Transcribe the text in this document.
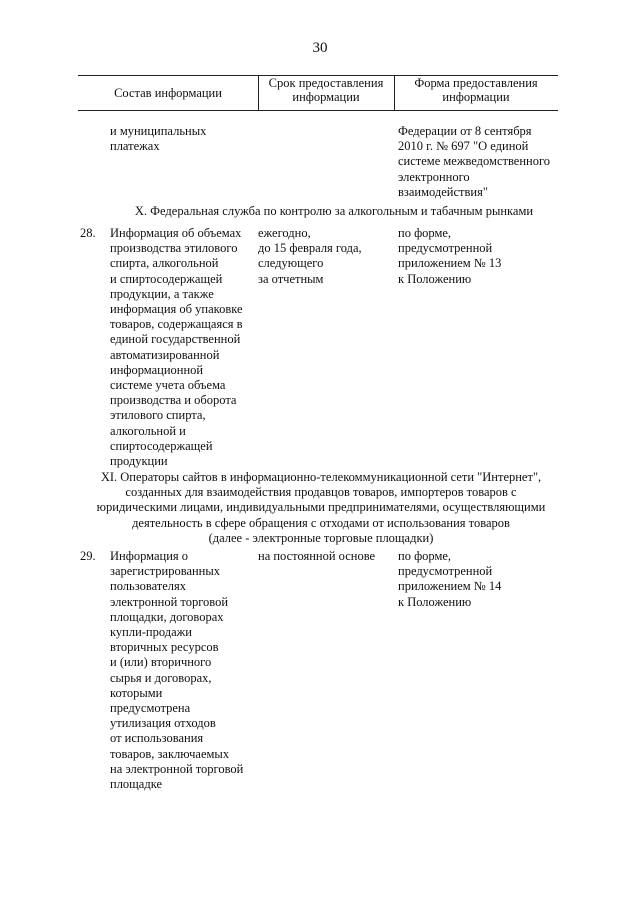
30
Состав информации
Срок предоставления
информации
Форма предоставления
информации
и муниципальных
платежах
Федерации от 8 сентября
2010 г. № 697 "О единой
системе межведомственного
электронного
взаимодействия"
X. Федеральная служба по контролю за алкогольным и табачным рынками
28. Информация об объемах
производства этилового
спирта, алкогольной
и спиртосодержащей
продукции, а также
информация об упаковке
товаров, содержащаяся в
единой государственной
автоматизированной
информационной
системе учета объема
производства и оборота
этилового спирта,
алкогольной и
спиртосодержащей
продукции
ежегодно,
до 15 февраля года,
следующего
за отчетным
по форме,
предусмотренной
приложением № 13
к Положению
XI. Операторы сайтов в информационно-телекоммуникационной сети "Интернет",
созданных для взаимодействия продавцов товаров, импортеров товаров с
юридическими лицами, индивидуальными предпринимателями, осуществляющими
деятельность в сфере обращения с отходами от использования товаров
(далее - электронные торговые площадки)
29. Информация о
зарегистрированных
пользователях
электронной торговой
площадки, договорах
купли-продажи
вторичных ресурсов
и (или) вторичного
сырья и договорах,
которыми
предусмотрена
утилизация отходов
от использования
товаров, заключаемых
на электронной торговой
площадке
на постоянной основе	по форме,
предусмотренной
приложением № 14
к Положению
